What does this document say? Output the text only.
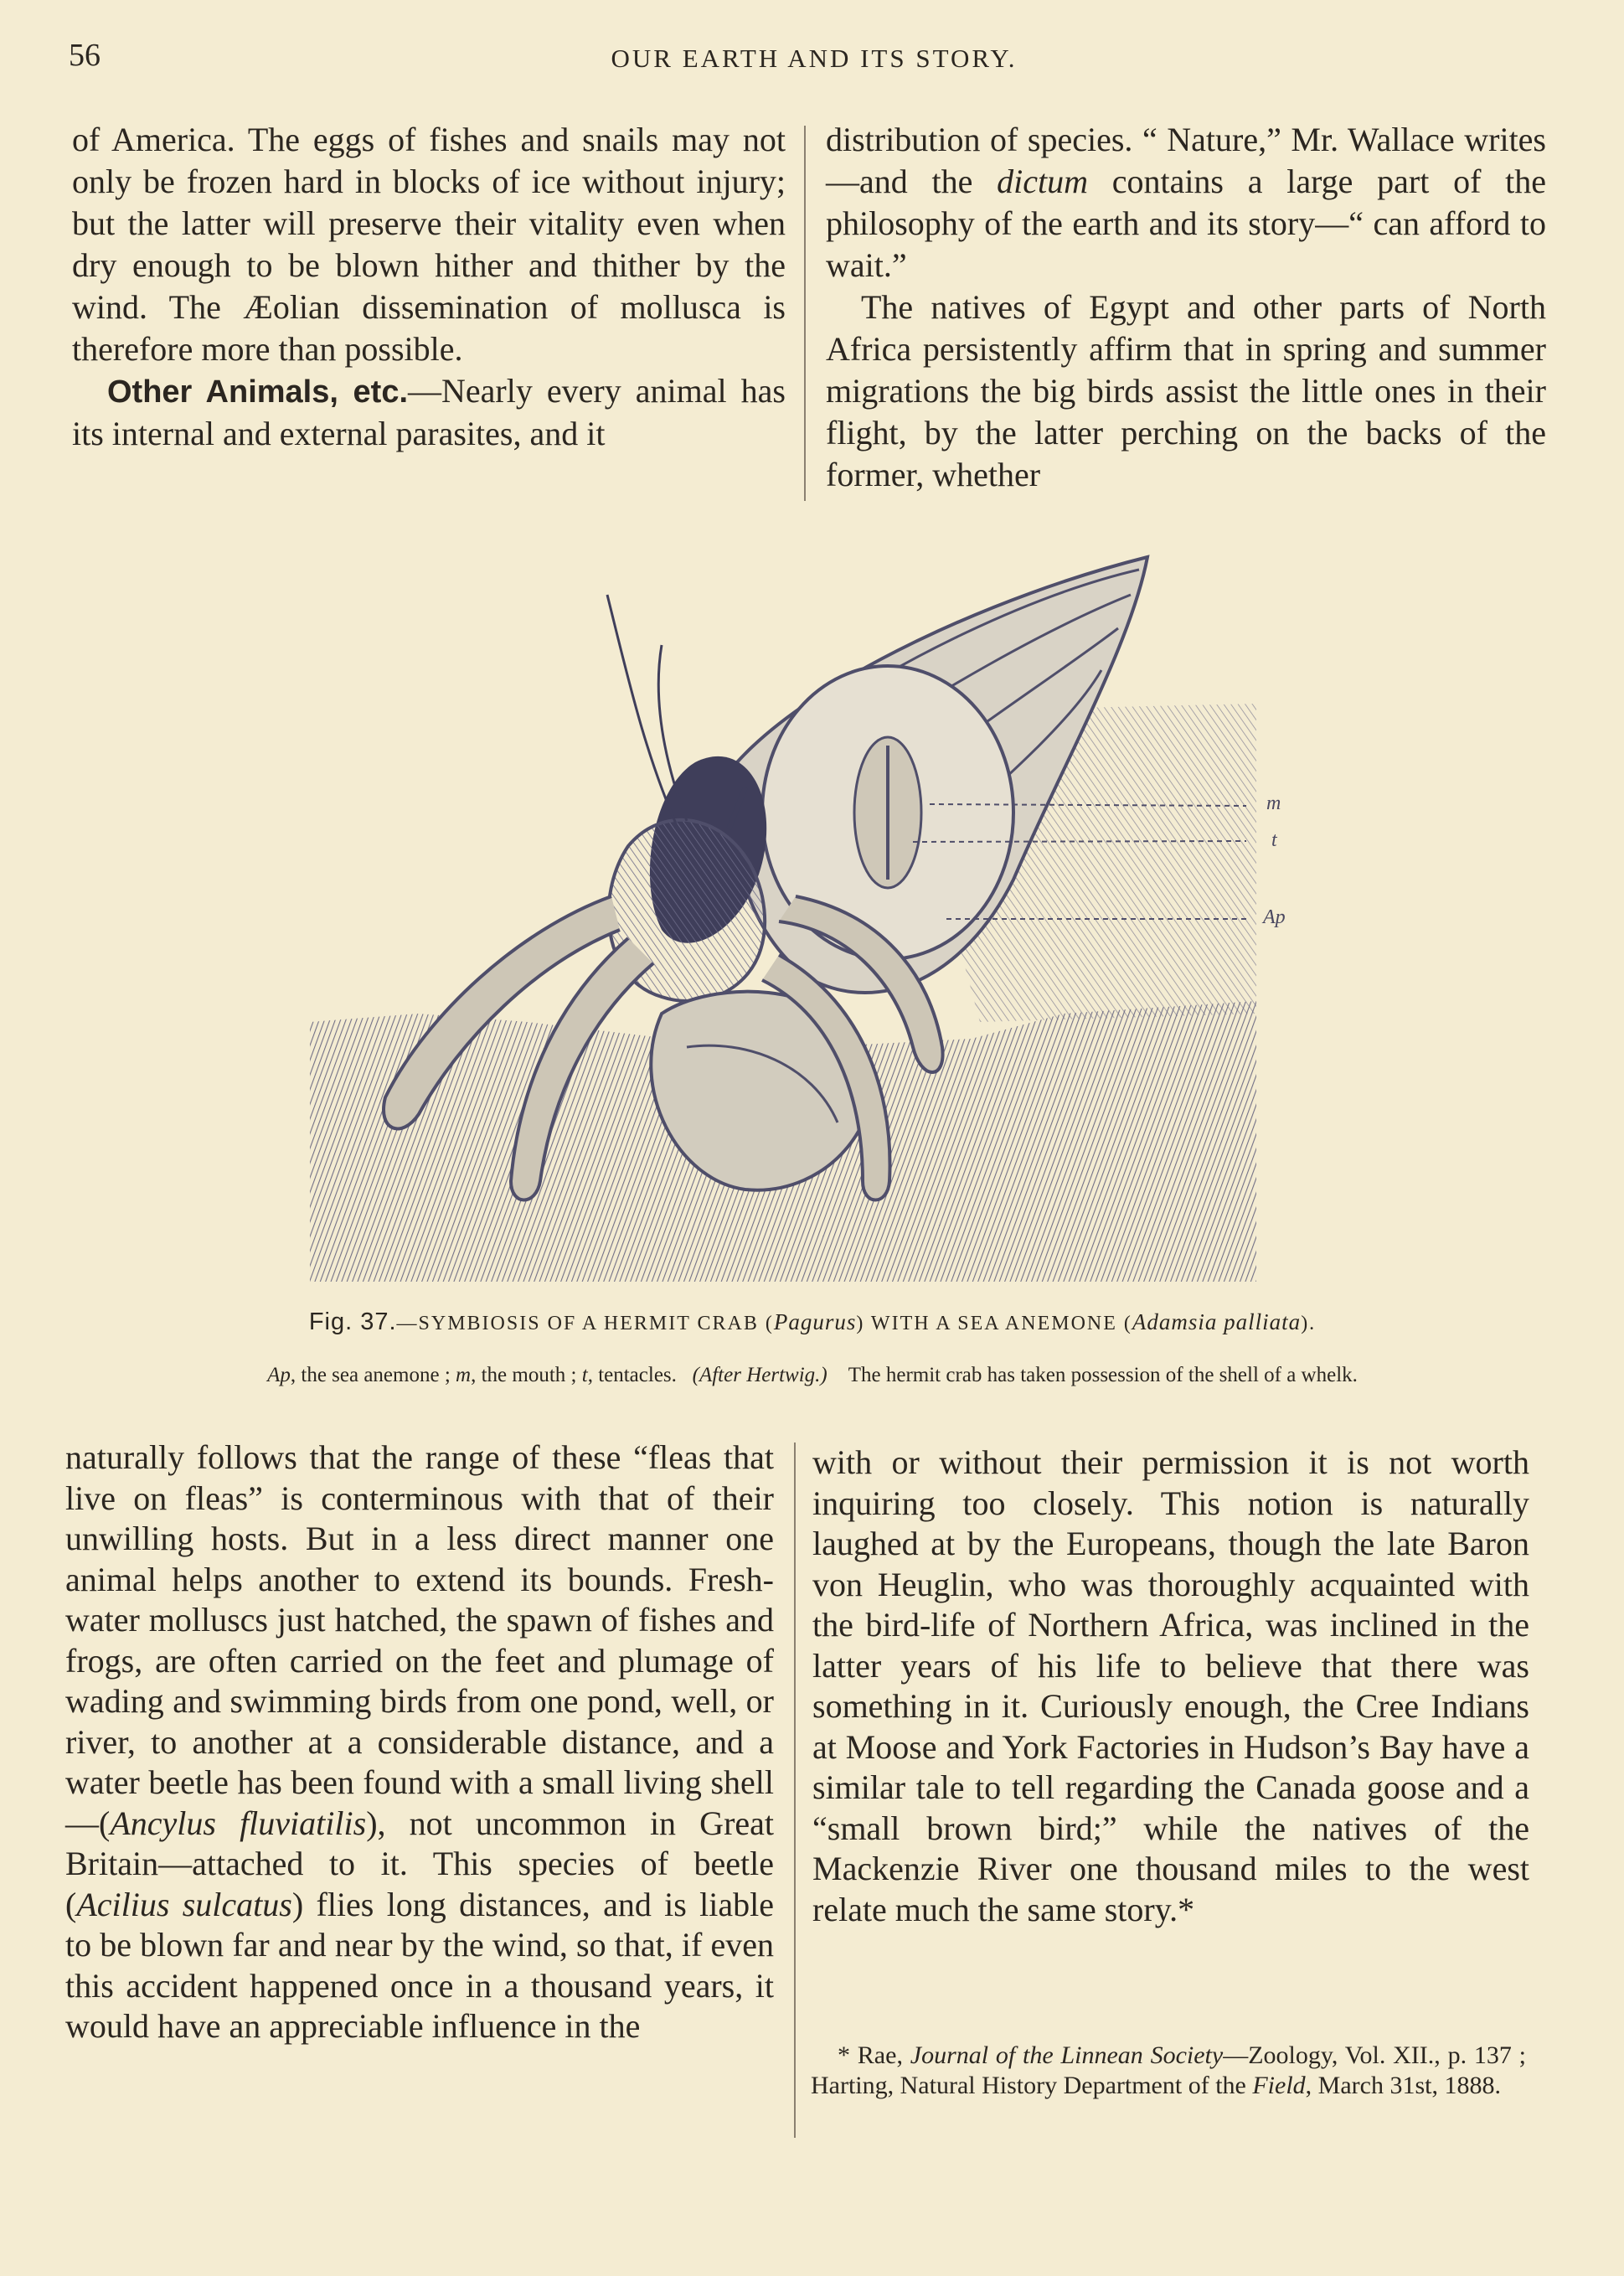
56	OUR EARTH AND ITS STORY.

of America. The eggs of fishes and snails may not only be frozen hard in blocks of ice without injury; but the latter will preserve their vitality even when dry enough to be blown hither and thither by the wind. The Æolian dissemination of mollusca is therefore more than possible.

Other Animals, etc.—Nearly every animal has its internal and external parasites, and it

distribution of species. “ Nature,” Mr. Wallace writes—and the dictum contains a large part of the philosophy of the earth and its story—“ can afford to wait.”

The natives of Egypt and other parts of North Africa persistently affirm that in spring and summer migrations the big birds assist the little ones in their flight, by the latter perching on the backs of the former, whether

m
t
Ap
Fig. 37.—SYMBIOSIS OF A HERMIT CRAB (Pagurus) WITH A SEA ANEMONE (Adamsia palliata).
Ap, the sea anemone ; m, the mouth ; t, tentacles. (After Hertwig.) The hermit crab has taken possession of the shell of a whelk.

naturally follows that the range of these “fleas that live on fleas” is conterminous with that of their unwilling hosts. But in a less direct manner one animal helps another to extend its bounds. Fresh-water molluscs just hatched, the spawn of fishes and frogs, are often carried on the feet and plumage of wading and swimming birds from one pond, well, or river, to another at a considerable distance, and a water beetle has been found with a small living shell—(Ancylus fluviatilis), not uncommon in Great Britain—attached to it. This species of beetle (Acilius sulcatus) flies long distances, and is liable to be blown far and near by the wind, so that, if even this accident happened once in a thousand years, it would have an appreciable influence in the

with or without their permission it is not worth inquiring too closely. This notion is naturally laughed at by the Europeans, though the late Baron von Heuglin, who was thoroughly acquainted with the bird-life of Northern Africa, was inclined in the latter years of his life to believe that there was something in it. Curiously enough, the Cree Indians at Moose and York Factories in Hudson’s Bay have a similar tale to tell regarding the Canada goose and a “small brown bird;” while the natives of the Mackenzie River one thousand miles to the west relate much the same story.*

* Rae, Journal of the Linnean Society—Zoology, Vol. XII., p. 137 ; Harting, Natural History Department of the Field, March 31st, 1888.
